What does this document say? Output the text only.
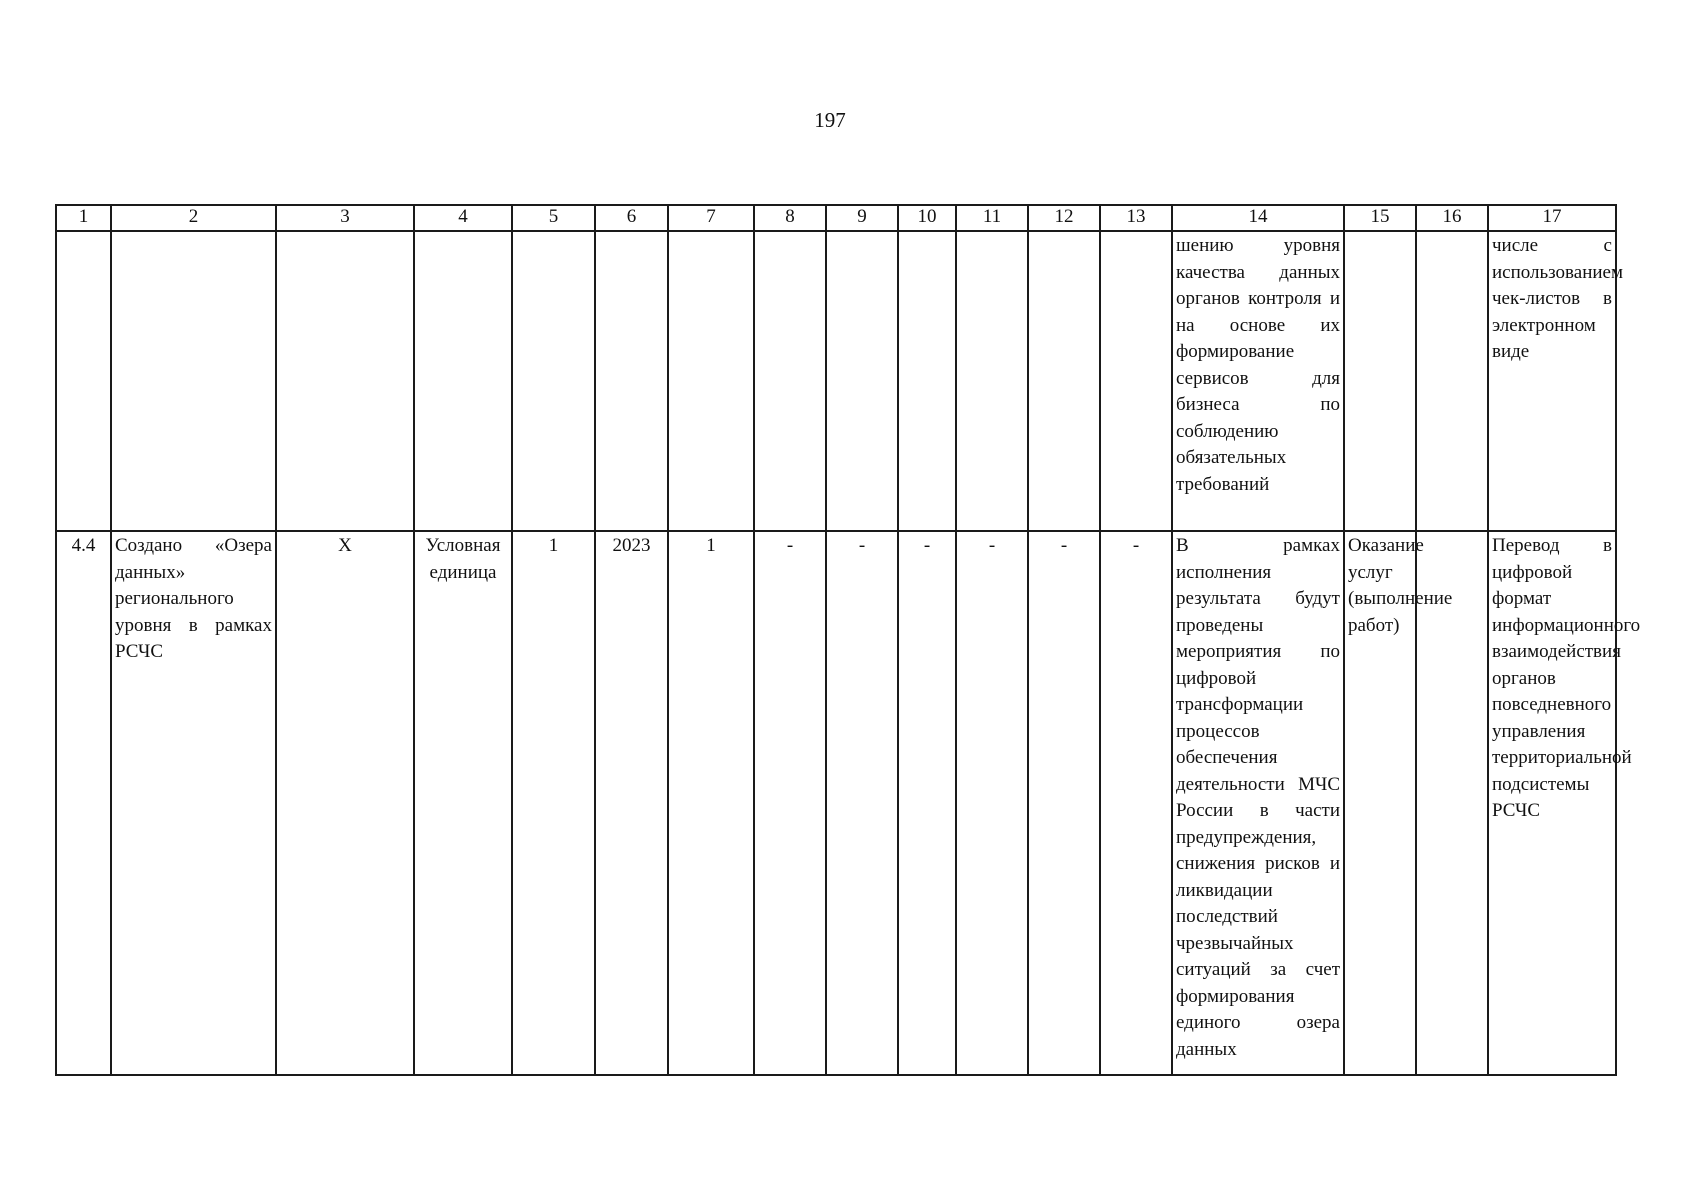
197
1	2	3	4	5	6	7	8	9	10	11	12	13	14	15	16	17
													шению уровня качества данных органов контроля и на основе их формирование сервисов для бизнеса по соблюдению обязательных требований			числе с использованием чек-листов в электронном виде
4.4	Создано «Озера данных» регионального уровня в рамках РСЧС	Х	Условная единица	1	2023	1	-	-	-	-	-	-	В рамках исполнения результата будут проведены мероприятия по цифровой трансформации процессов обеспечения деятельности МЧС России в части предупреждения, снижения рисков и ликвидации последствий чрезвычайных ситуаций за счет формирования единого озера данных	Оказание услуг (выполнение работ)		Перевод в цифровой формат информационного взаимодействия органов повседневного управления территориальной подсистемы РСЧС
